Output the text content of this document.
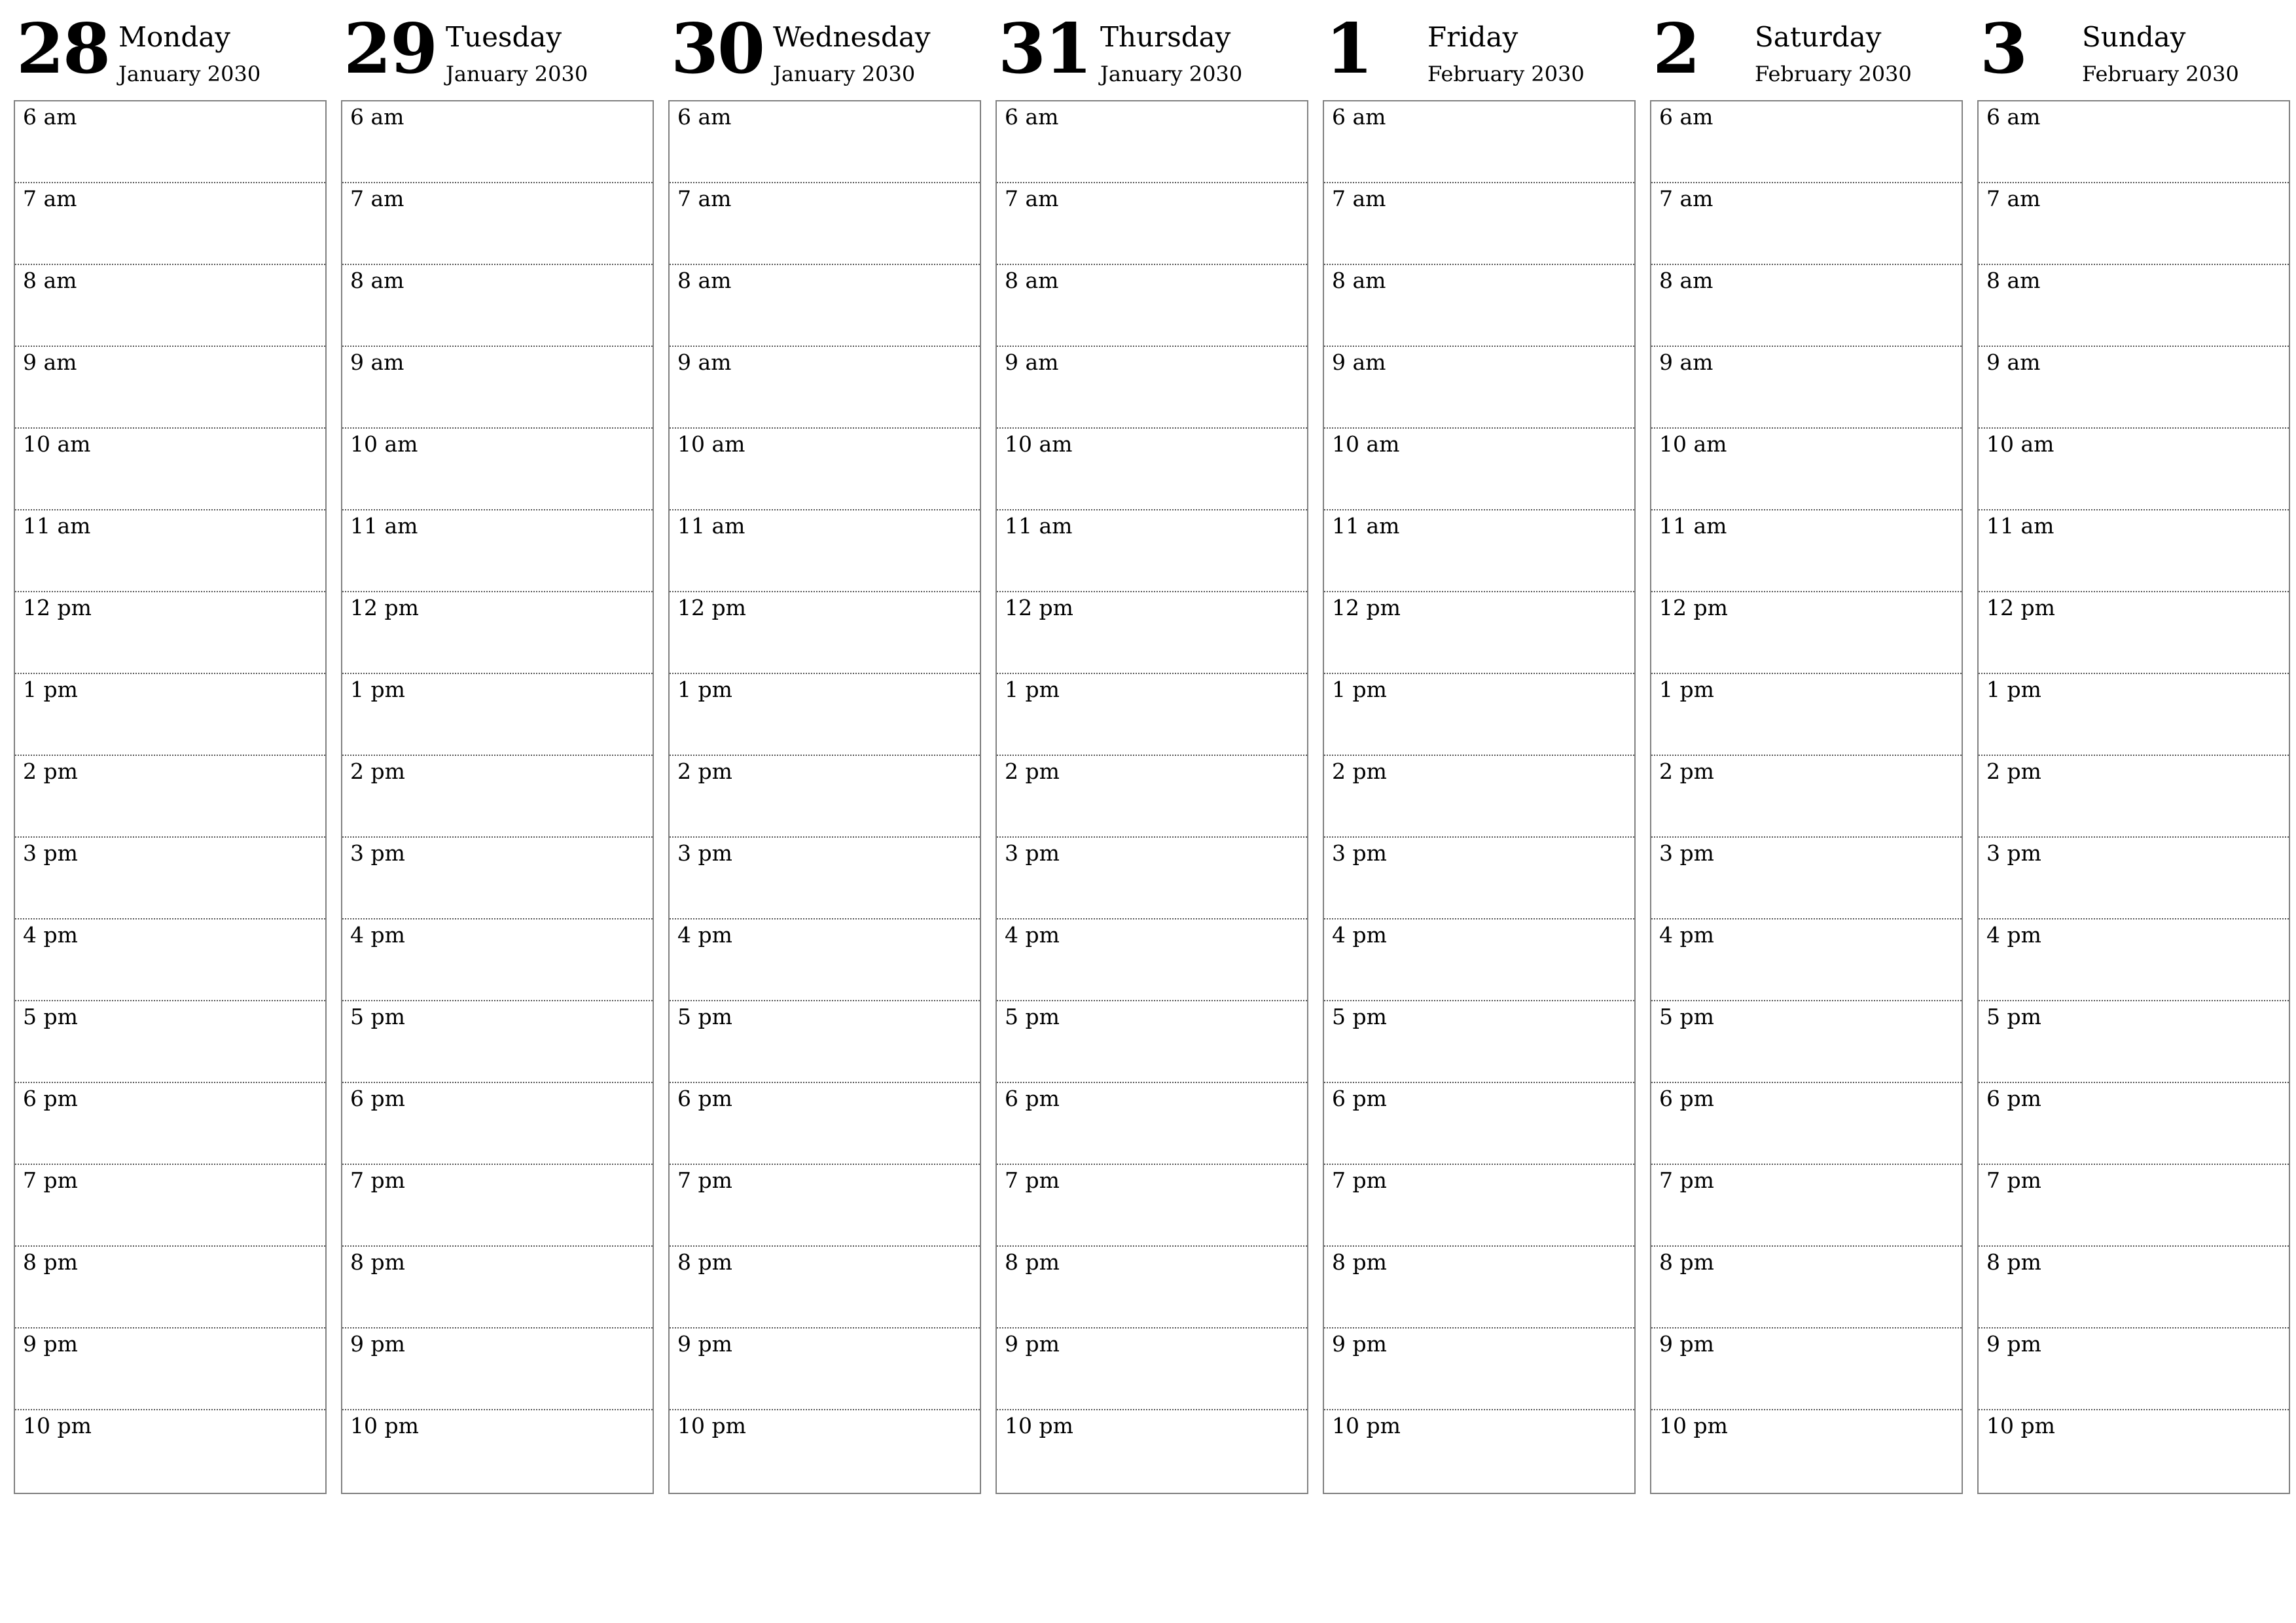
28 Monday
January 2030
6 am
7 am
8 am
9 am
10 am
11 am
12 pm
1 pm
2 pm
3 pm
4 pm
5 pm
6 pm
7 pm
8 pm
9 pm
10 pm
29 Tuesday
January 2030
6 am
7 am
8 am
9 am
10 am
11 am
12 pm
1 pm
2 pm
3 pm
4 pm
5 pm
6 pm
7 pm
8 pm
9 pm
10 pm
30 Wednesday
January 2030
6 am
7 am
8 am
9 am
10 am
11 am
12 pm
1 pm
2 pm
3 pm
4 pm
5 pm
6 pm
7 pm
8 pm
9 pm
10 pm
31 Thursday
January 2030
6 am
7 am
8 am
9 am
10 am
11 am
12 pm
1 pm
2 pm
3 pm
4 pm
5 pm
6 pm
7 pm
8 pm
9 pm
10 pm
1 Friday
February 2030
6 am
7 am
8 am
9 am
10 am
11 am
12 pm
1 pm
2 pm
3 pm
4 pm
5 pm
6 pm
7 pm
8 pm
9 pm
10 pm
2 Saturday
February 2030
6 am
7 am
8 am
9 am
10 am
11 am
12 pm
1 pm
2 pm
3 pm
4 pm
5 pm
6 pm
7 pm
8 pm
9 pm
10 pm
3 Sunday
February 2030
6 am
7 am
8 am
9 am
10 am
11 am
12 pm
1 pm
2 pm
3 pm
4 pm
5 pm
6 pm
7 pm
8 pm
9 pm
10 pm
